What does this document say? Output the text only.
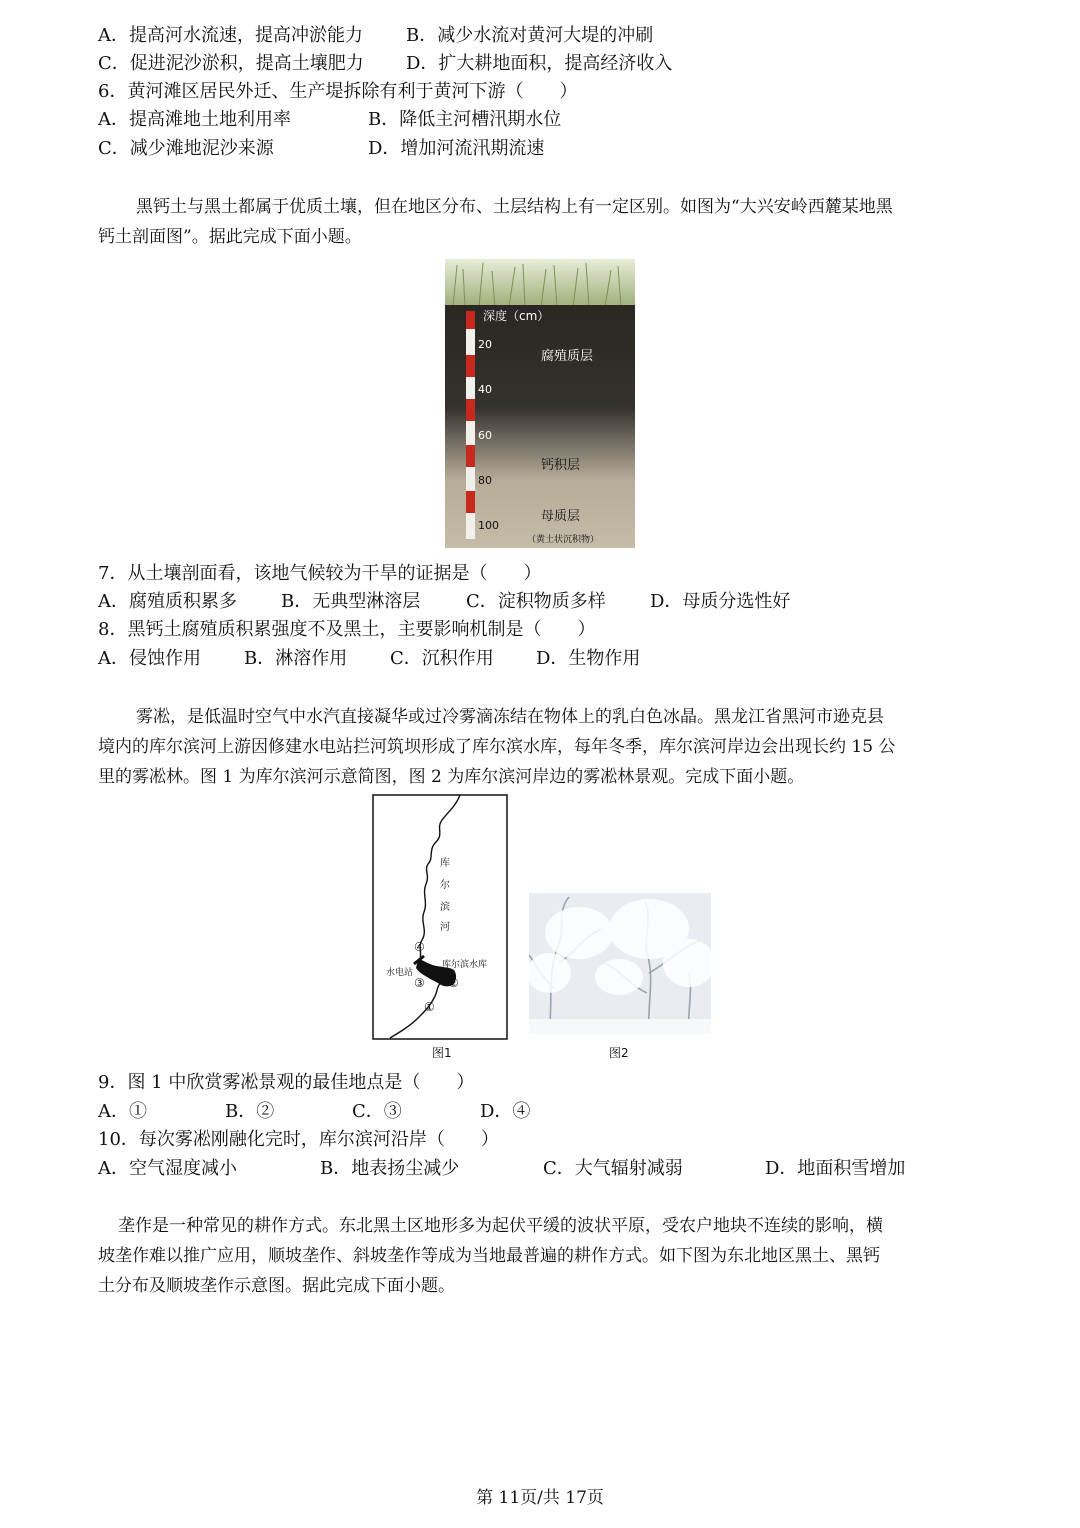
A．提高河水流速，提高冲淤能力 B．减少水流对黄河大堤的冲刷
C．促进泥沙淤积，提高土壤肥力 D．扩大耕地面积，提高经济收入
6．黄河滩区居民外迁、生产堤拆除有利于黄河下游（　　）
A．提高滩地土地利用率	B．降低主河槽汛期水位
C．减少滩地泥沙来源	D．增加河流汛期流速
黑钙土与黑土都属于优质土壤，但在地区分布、土层结构上有一定区别。如图为“大兴安岭西麓某地黑
钙土剖面图”。据此完成下面小题。
深度（cm）
20
40
60
80
100
腐殖质层
钙积层
母质层
（黄土状沉积物）
7．从土壤剖面看，该地气候较为干旱的证据是（　　）
A．腐殖质积累多 B．无典型淋溶层	C．淀积物质多样 D．母质分选性好
8．黑钙土腐殖质积累强度不及黑土，主要影响机制是（　　）
A．侵蚀作用 B．淋溶作用 C．沉积作用 D．生物作用
雾凇，是低温时空气中水汽直接凝华或过冷雾滴冻结在物体上的乳白色冰晶。黑龙江省黑河市逊克县
境内的库尔滨河上游因修建水电站拦河筑坝形成了库尔滨水库，每年冬季，库尔滨河岸边会出现长约 15 公
里的雾凇林。图 1 为库尔滨河示意简图，图 2 为库尔滨河岸边的雾凇林景观。完成下面小题。
库
尔
滨
河
④
水电站
库尔滨水库
③ ②
①
图1	图2
9．图 1 中欣赏雾凇景观的最佳地点是（　　）
A．①	B．②	C．③	D．④
10．每次雾凇刚融化完时，库尔滨河沿岸（　　）
A．空气湿度减小	B．地表扬尘减少	C．大气辐射减弱	D．地面积雪增加
垄作是一种常见的耕作方式。东北黑土区地形多为起伏平缓的波状平原，受农户地块不连续的影响，横
坡垄作难以推广应用，顺坡垄作、斜坡垄作等成为当地最普遍的耕作方式。如下图为东北地区黑土、黑钙
土分布及顺坡垄作示意图。据此完成下面小题。
第 11页/共 17页
